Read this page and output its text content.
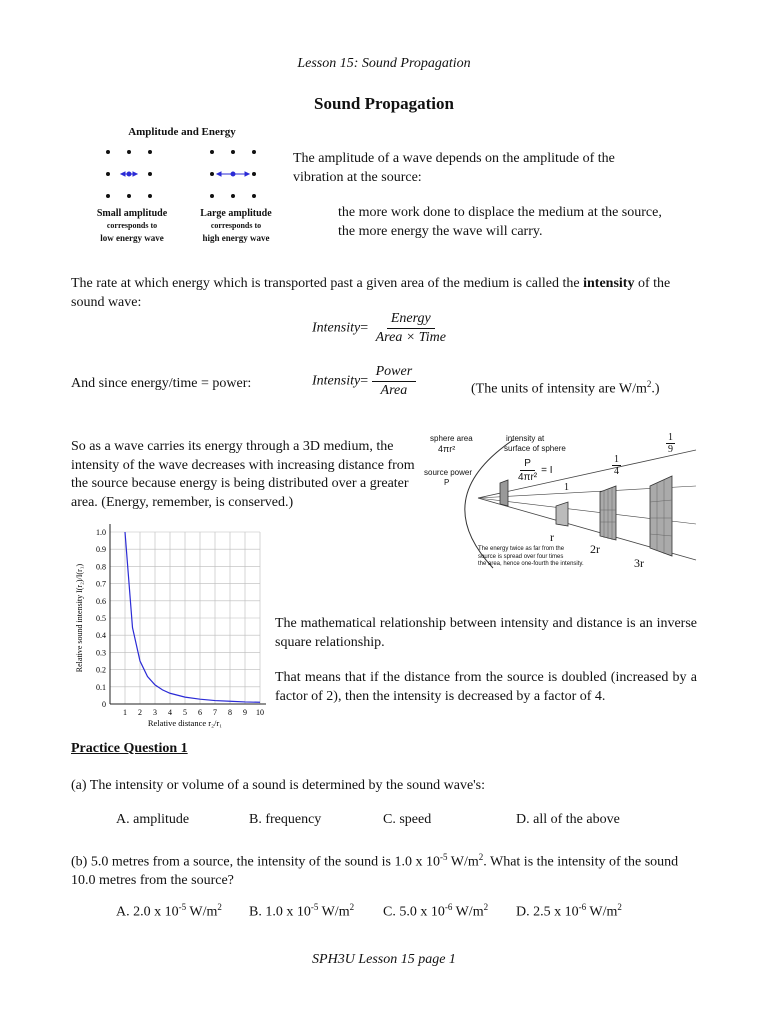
Lesson 15: Sound Propagation
Sound Propagation
Amplitude and Energy
Small amplitude
corresponds to
low energy wave
Large amplitude
corresponds to
high energy wave
The amplitude of a wave depends on the amplitude of the vibration at the source:
the more work done to displace the medium at the source, the more energy the wave will carry.
The rate at which energy which is transported past a given area of the medium is called the intensity of the sound wave:
Intensity= $\frac{\text{Energy}}{\text{Area × Time}}$
And since energy/time = power:	Intensity= $\frac{\text{Power}}{\text{Area}}$	(The units of intensity are $W/m^2$.)
So as a wave carries its energy through a 3D medium, the intensity of the wave decreases with increasing distance from the source because energy is being distributed over a greater area. (Energy, remember, is conserved.)
sphere area
4πr²
intensity at
surface of sphere
source power
P	$\frac{P}{\text{4πr²}} = I$
$\frac{1}{9}$
$\frac{1}{4}$
1
r
2r
3r
The energy twice as far from the
source is spread over four times
the area, hence one-fourth the intensity.
1 2 3 4 5 6 7 8 9 10
0
0.1
0.2
0.3
0.4
0.5
0.6
0.7
0.8
0.9
1.0
Relative distance r₂/r₁
Relative sound intensity I(r₂)/I(r₁)	The mathematical relationship between intensity and distance is an inverse square relationship.
That means that if the distance from the source is doubled (increased by a factor of 2), then the intensity is decreased by a factor of 4.
Practice Question 1
(a) The intensity or volume of a sound is determined by the sound wave's:
A. amplitude	B. frequency	C. speed	D. all of the above
(b) 5.0 metres from a source, the intensity of the sound is 1.0 x $10^{-5}$ $W/m^2$. What is the intensity of the sound 10.0 metres from the source?
A. 2.0 x $10^{-5}$ $W/m^2$ B. 1.0 x $10^{-5}$ $W/m^2$ C. 5.0 x $10^{-6}$ $W/m^2$ D. 2.5 x $10^{-6}$ $W/m^2$
SPH3U Lesson 15 page 1
